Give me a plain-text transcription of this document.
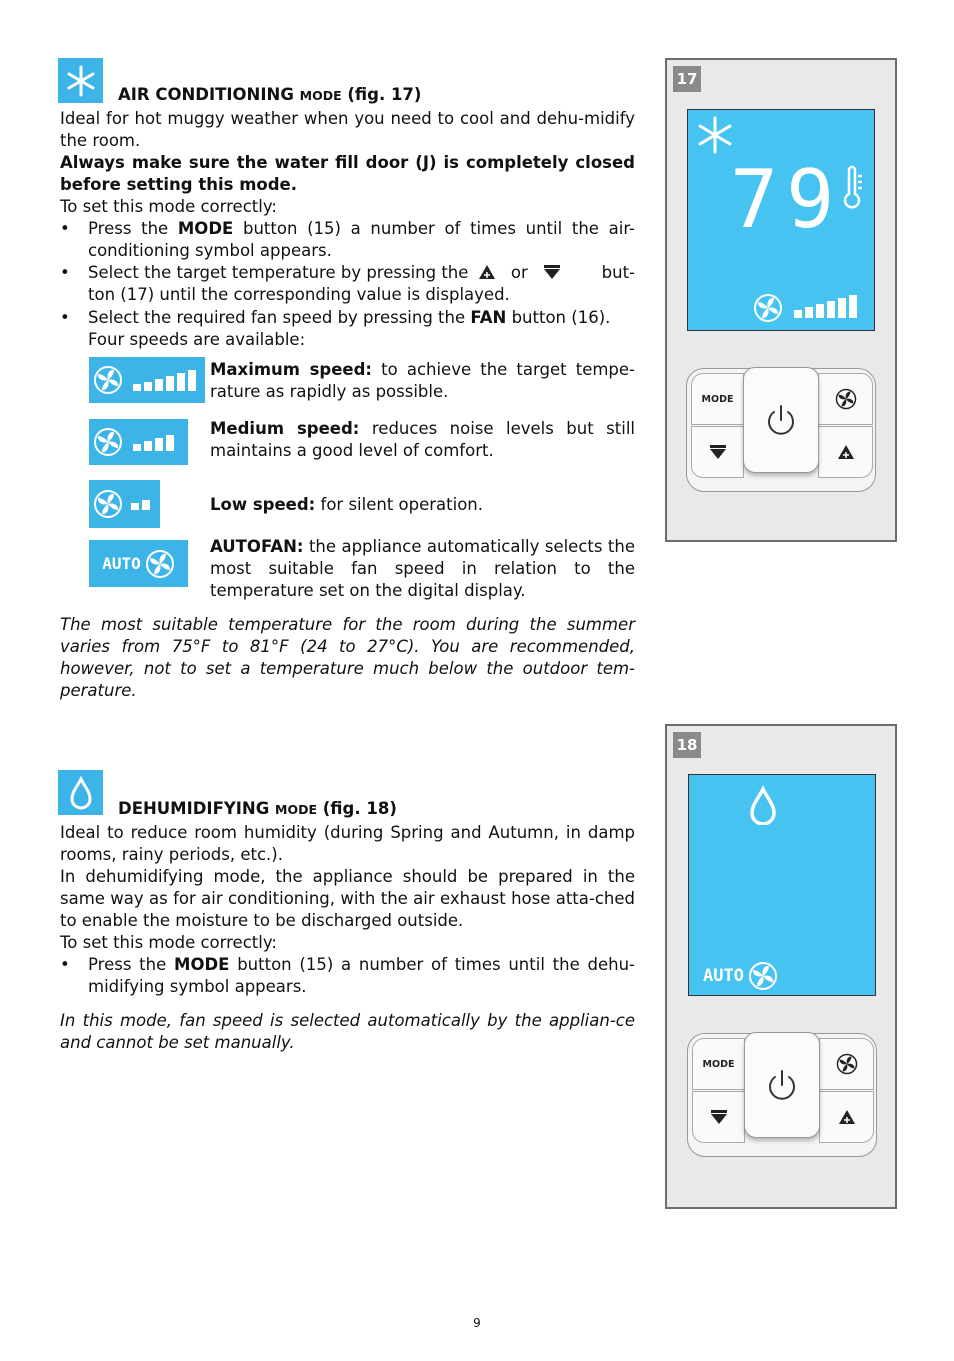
AIR CONDITIONING MODE (fig. 17)
Ideal for hot muggy weather when you need to cool and dehu-midify the room.
Always make sure the water fill door (J) is completely closed before setting this mode.
To set this mode correctly:
• Press the MODE button (15) a number of times until the air-conditioning symbol appears.
• Select the target temperature by pressing the	or	but-
ton (17) until the corresponding value is displayed.
• Select the required fan speed by pressing the FAN button (16). Four speeds are available:
Maximum speed: to achieve the target tempe-rature as rapidly as possible.
Medium speed: reduces noise levels but still maintains a good level of comfort.
Low speed: for silent operation.
AUTO
AUTOFAN: the appliance automatically selects the most suitable fan speed in relation to the temperature set on the digital display.
The most suitable temperature for the room during the summer varies from 75°F to 81°F (24 to 27°C). You are recommended, however, not to set a temperature much below the outdoor tem-perature.
17
79
MODE
DEHUMIDIFYING MODE (fig. 18)
Ideal to reduce room humidity (during Spring and Autumn, in damp rooms, rainy periods, etc.).
In dehumidifying mode, the appliance should be prepared in the same way as for air conditioning, with the air exhaust hose atta-ched to enable the moisture to be discharged outside.
To set this mode correctly:
• Press the MODE button (15) a number of times until the dehu-midifying symbol appears.
In this mode, fan speed is selected automatically by the applian-ce and cannot be set manually.
18
AUTO
MODE
9
